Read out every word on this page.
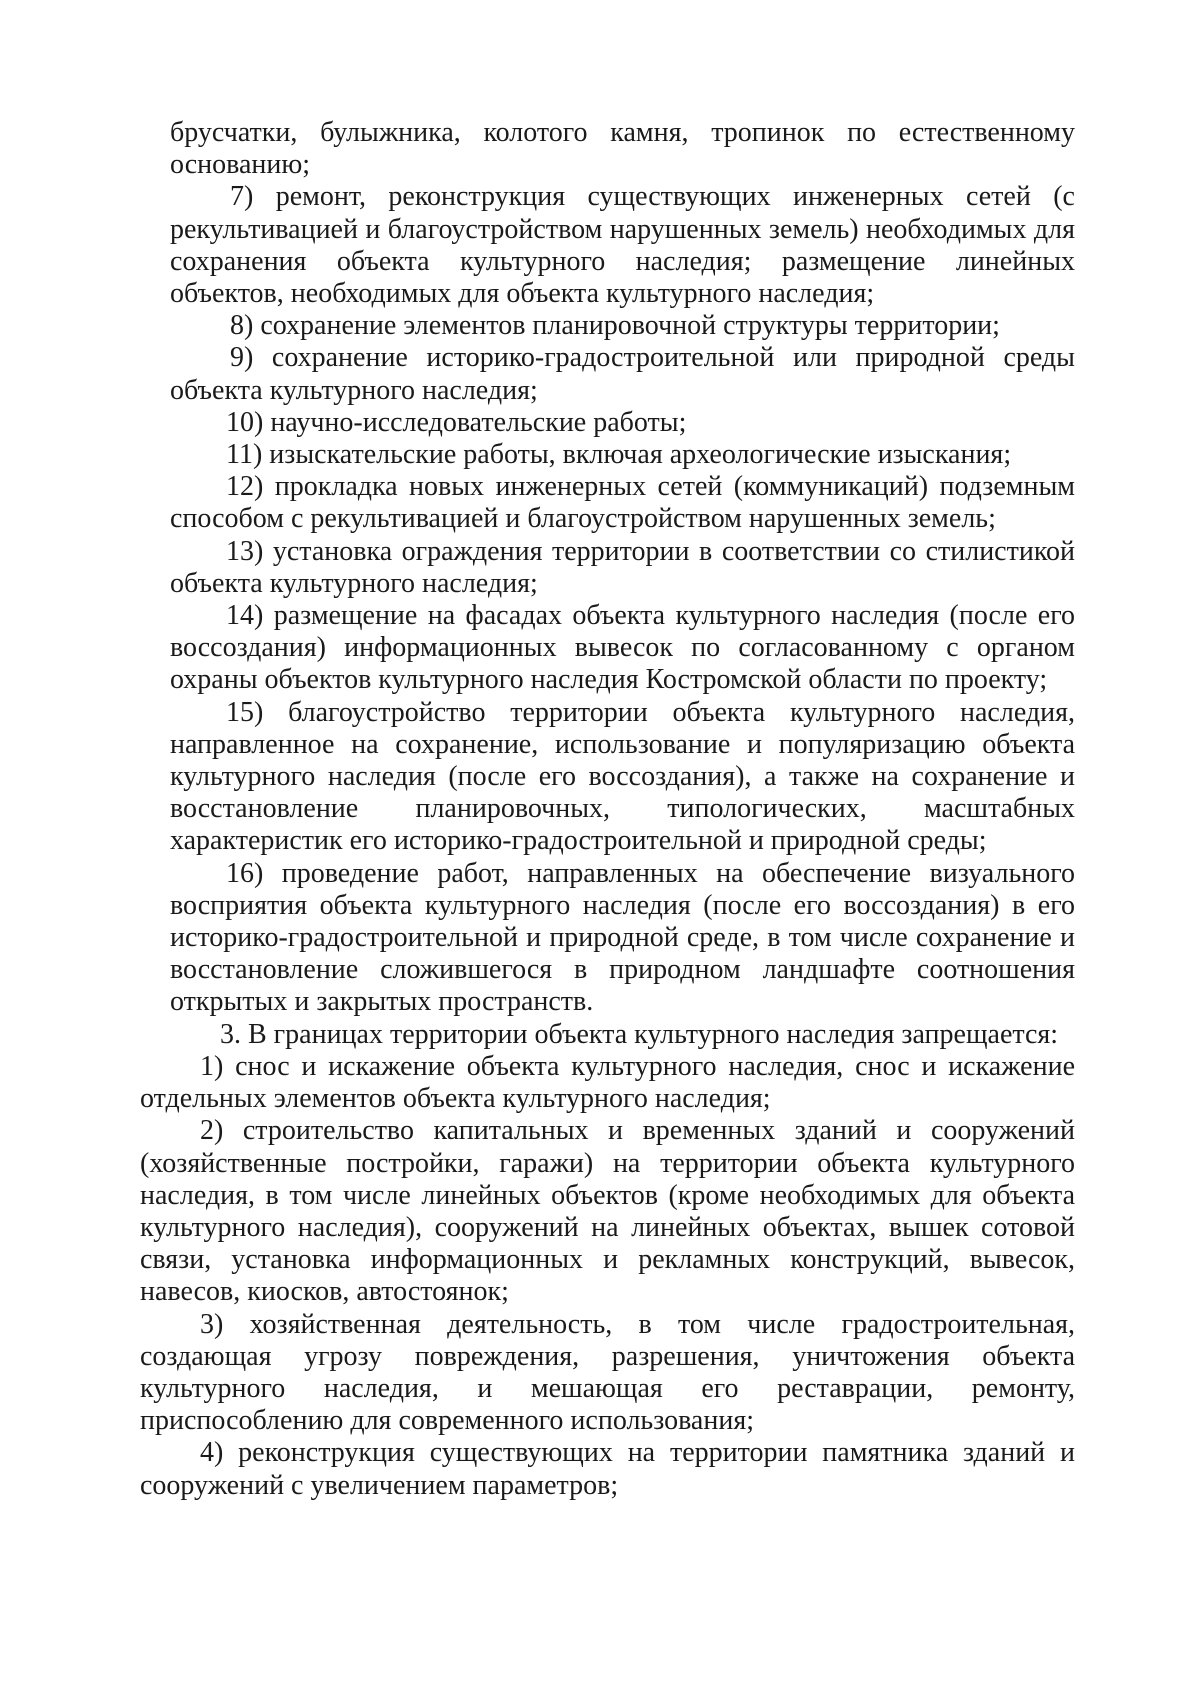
брусчатки, булыжника, колотого камня, тропинок по естественному основанию;

7) ремонт, реконструкция существующих инженерных сетей (с рекультивацией и благоустройством нарушенных земель) необходимых для сохранения объекта культурного наследия; размещение линейных объектов, необходимых для объекта культурного наследия;

8) сохранение элементов планировочной структуры территории;

9) сохранение историко-градостроительной или природной среды объекта культурного наследия;

10) научно-исследовательские работы;

11) изыскательские работы, включая археологические изыскания;

12) прокладка новых инженерных сетей (коммуникаций) подземным способом с рекультивацией и благоустройством нарушенных земель;

13) установка ограждения территории в соответствии со стилистикой объекта культурного наследия;

14) размещение на фасадах объекта культурного наследия (после его воссоздания) информационных вывесок по согласованному с органом охраны объектов культурного наследия Костромской области по проекту;

15) благоустройство территории объекта культурного наследия, направленное на сохранение, использование и популяризацию объекта культурного наследия (после его воссоздания), а также на сохранение и восстановление планировочных, типологических, масштабных характеристик его историко-градостроительной и природной среды;

16) проведение работ, направленных на обеспечение визуального восприятия объекта культурного наследия (после его воссоздания) в его историко-градостроительной и природной среде, в том числе сохранение и восстановление сложившегося в природном ландшафте соотношения открытых и закрытых пространств.

3. В границах территории объекта культурного наследия запрещается:

1) снос и искажение объекта культурного наследия, снос и искажение отдельных элементов объекта культурного наследия;

2) строительство капитальных и временных зданий и сооружений (хозяйственные постройки, гаражи) на территории объекта культурного наследия, в том числе линейных объектов (кроме необходимых для объекта культурного наследия), сооружений на линейных объектах, вышек сотовой связи, установка информационных и рекламных конструкций, вывесок, навесов, киосков, автостоянок;

3) хозяйственная деятельность, в том числе градостроительная, создающая угрозу повреждения, разрешения, уничтожения объекта культурного наследия, и мешающая его реставрации, ремонту, приспособлению для современного использования;

4) реконструкция существующих на территории памятника зданий и сооружений с увеличением параметров;
